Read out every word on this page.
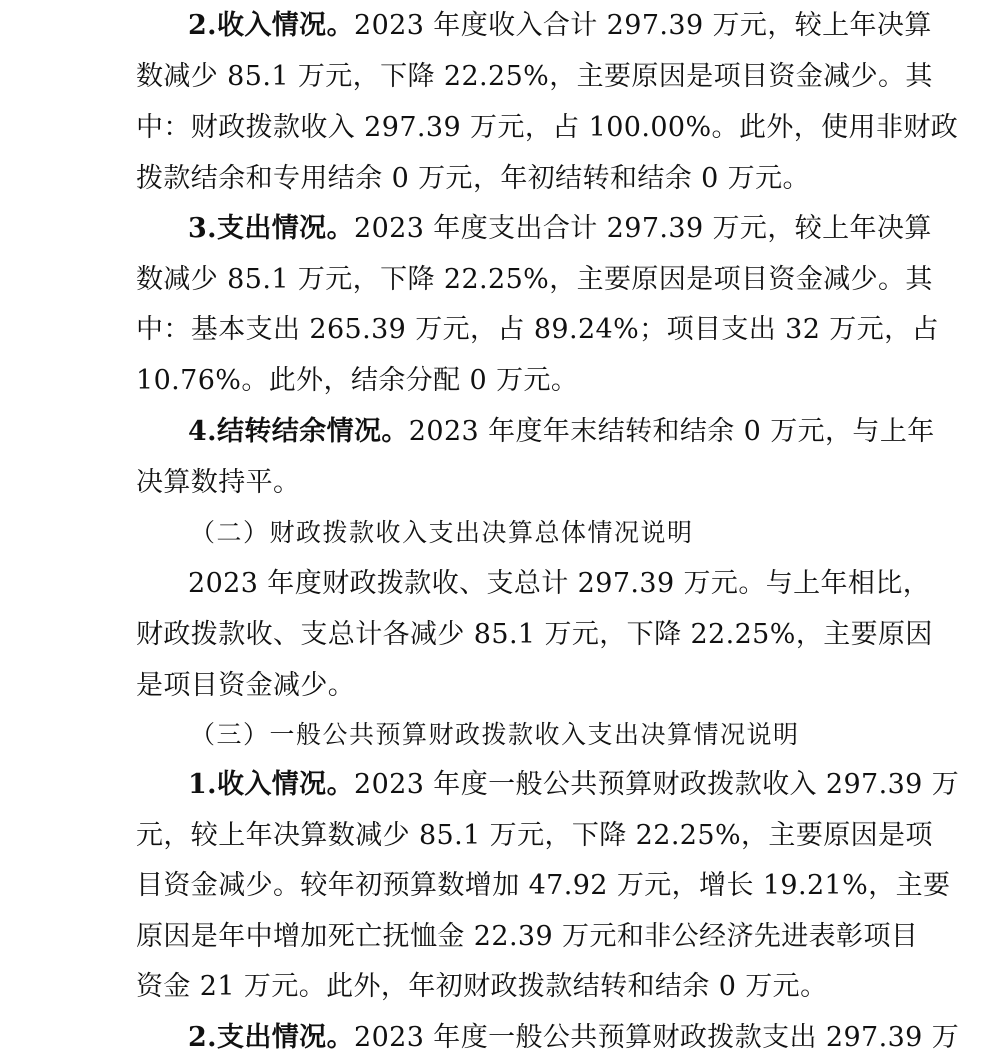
2.收入情况。2023 年度收入合计 297.39 万元，较上年决算
数减少 85.1 万元，下降 22.25%，主要原因是项目资金减少。其
中：财政拨款收入 297.39 万元，占 100.00%。此外，使用非财政
拨款结余和专用结余 0 万元，年初结转和结余 0 万元。
3.支出情况。2023 年度支出合计 297.39 万元，较上年决算
数减少 85.1 万元，下降 22.25%，主要原因是项目资金减少。其
中：基本支出 265.39 万元，占 89.24%；项目支出 32 万元，占
10.76%。此外，结余分配 0 万元。
4.结转结余情况。2023 年度年末结转和结余 0 万元，与上年
决算数持平。
（二）财政拨款收入支出决算总体情况说明
2023 年度财政拨款收、支总计 297.39 万元。与上年相比，
财政拨款收、支总计各减少 85.1 万元，下降 22.25%，主要原因
是项目资金减少。
（三）一般公共预算财政拨款收入支出决算情况说明
1.收入情况。2023 年度一般公共预算财政拨款收入 297.39 万
元，较上年决算数减少 85.1 万元，下降 22.25%，主要原因是项
目资金减少。较年初预算数增加 47.92 万元，增长 19.21%，主要
原因是年中增加死亡抚恤金 22.39 万元和非公经济先进表彰项目
资金 21 万元。此外，年初财政拨款结转和结余 0 万元。
2.支出情况。2023 年度一般公共预算财政拨款支出 297.39 万
